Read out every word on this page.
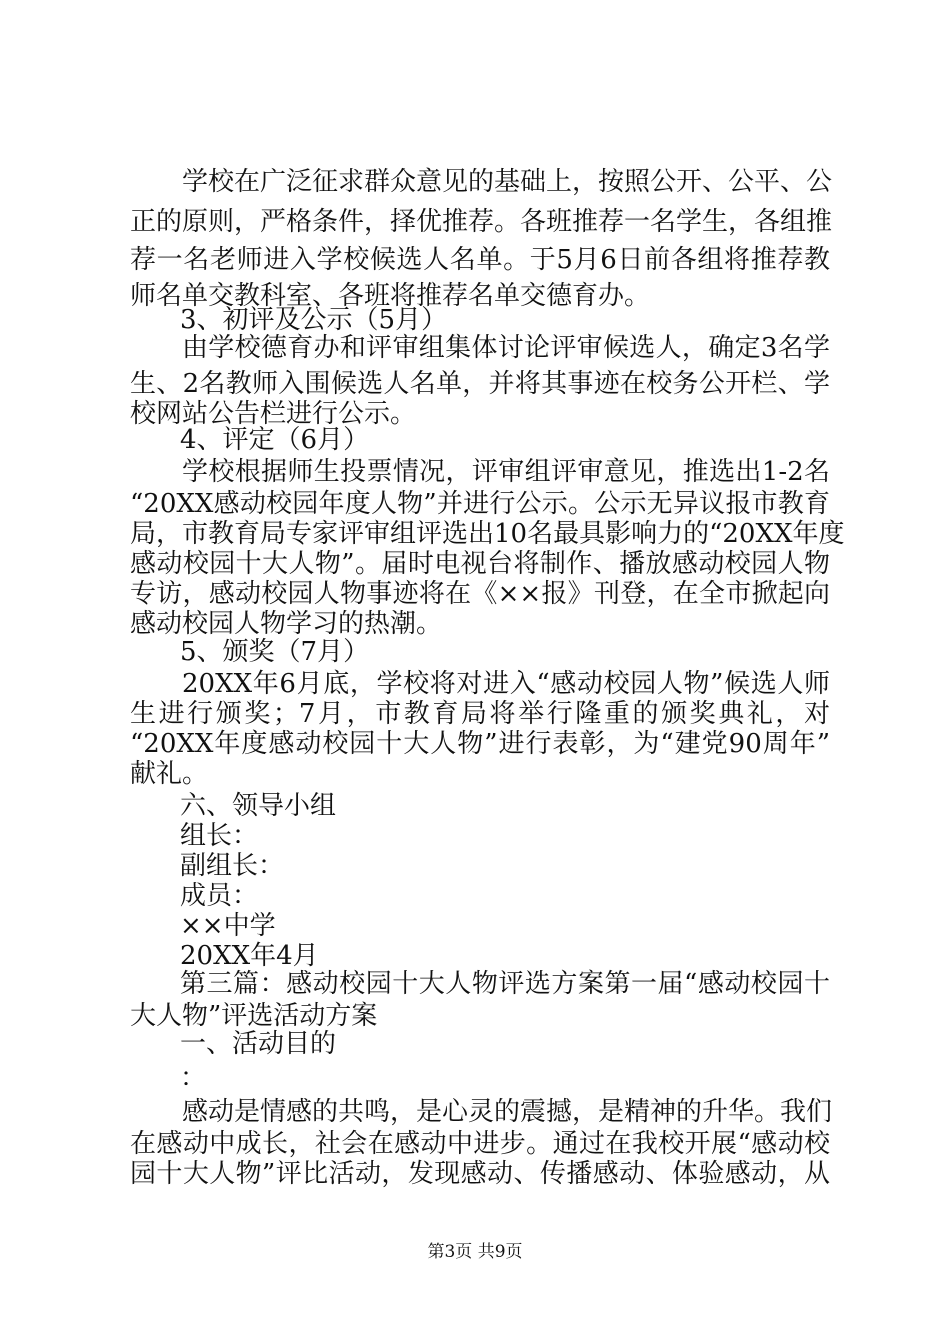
学校在广泛征求群众意见的基础上，按照公开、公平、公
正的原则，严格条件，择优推荐。各班推荐一名学生，各组推
荐一名老师进入学校候选人名单。于5月6日前各组将推荐教
师名单交教科室、各班将推荐名单交德育办。
3、初评及公示（5月）
由学校德育办和评审组集体讨论评审候选人，确定3名学
生、2名教师入围候选人名单，并将其事迹在校务公开栏、学
校网站公告栏进行公示。
4、评定（6月）
学校根据师生投票情况，评审组评审意见，推选出1-2名
“20XX感动校园年度人物”并进行公示。公示无异议报市教育
局，市教育局专家评审组评选出10名最具影响力的“20XX年度
感动校园十大人物”。届时电视台将制作、播放感动校园人物
专访，感动校园人物事迹将在《××报》刊登，在全市掀起向
感动校园人物学习的热潮。
5、颁奖（7月）
20XX年6月底，学校将对进入“感动校园人物”候选人师
生进行颁奖；7月，市教育局将举行隆重的颁奖典礼，对
“20XX年度感动校园十大人物”进行表彰，为“建党90周年”
献礼。
六、领导小组
组长：
副组长：
成员：
××中学
20XX年4月
第三篇：感动校园十大人物评选方案第一届“感动校园十
大人物”评选活动方案
一、活动目的
：
感动是情感的共鸣，是心灵的震撼，是精神的升华。我们
在感动中成长，社会在感动中进步。通过在我校开展“感动校
园十大人物”评比活动，发现感动、传播感动、体验感动，从
第3页 共9页
